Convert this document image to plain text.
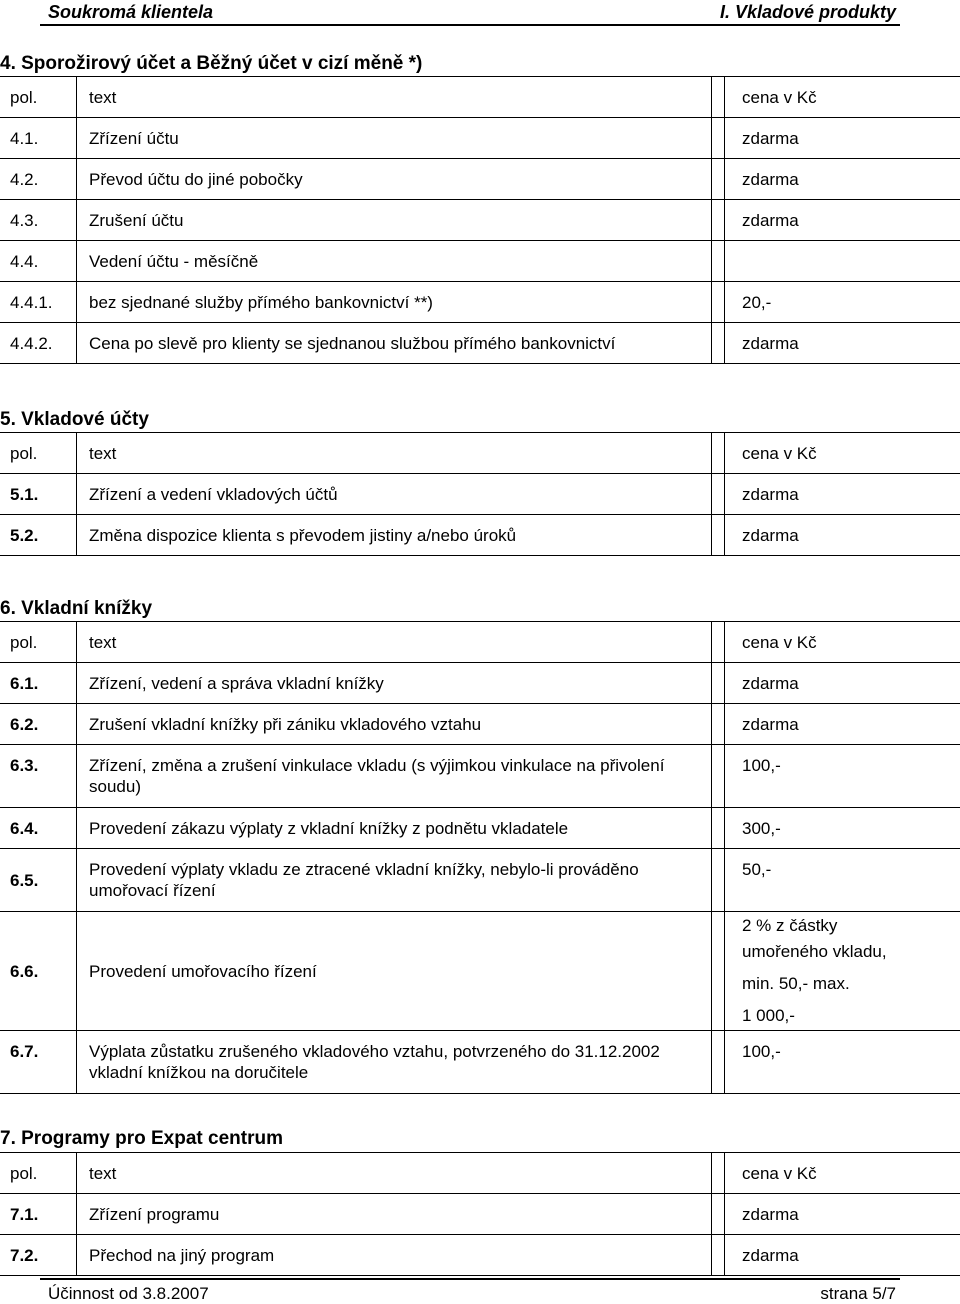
Soukromá klientela	I. Vkladové produkty
4. Sporožirový účet a Běžný účet v cizí měně *)
pol.	text		cena v Kč
4.1.	Zřízení účtu		zdarma
4.2.	Převod účtu do jiné pobočky		zdarma
4.3.	Zrušení účtu		zdarma
4.4.	Vedení účtu - měsíčně		
4.4.1.	bez sjednané služby přímého bankovnictví **)		20,-
4.4.2.	Cena po slevě pro klienty se sjednanou službou přímého bankovnictví		zdarma
5. Vkladové účty
pol.	text		cena v Kč
5.1.	Zřízení a vedení vkladových účtů		zdarma
5.2.	Změna dispozice klienta s převodem jistiny a/nebo úroků		zdarma
6. Vkladní knížky
pol.	text		cena v Kč
6.1.	Zřízení, vedení a správa vkladní knížky		zdarma
6.2.	Zrušení vkladní knížky při zániku vkladového vztahu		zdarma
6.3.	Zřízení, změna a zrušení vinkulace vkladu (s výjimkou vinkulace na přivolení soudu)		100,-
6.4.	Provedení zákazu výplaty z vkladní knížky z podnětu vkladatele		300,-
6.5.	Provedení výplaty vkladu ze ztracené vkladní knížky, nebylo-li prováděno umořovací řízení		50,-
6.6.	Provedení umořovacího řízení		2 % z částky
umořeného vkladu,
min. 50,- max.
1 000,-

6.7.	Výplata zůstatku zrušeného vkladového vztahu, potvrzeného do 31.12.2002 vkladní knížkou na doručitele		100,-
7. Programy pro Expat centrum
pol.	text		cena v Kč
7.1.	Zřízení programu		zdarma
7.2.	Přechod na jiný program		zdarma
Účinnost od 3.8.2007	strana 5/7
